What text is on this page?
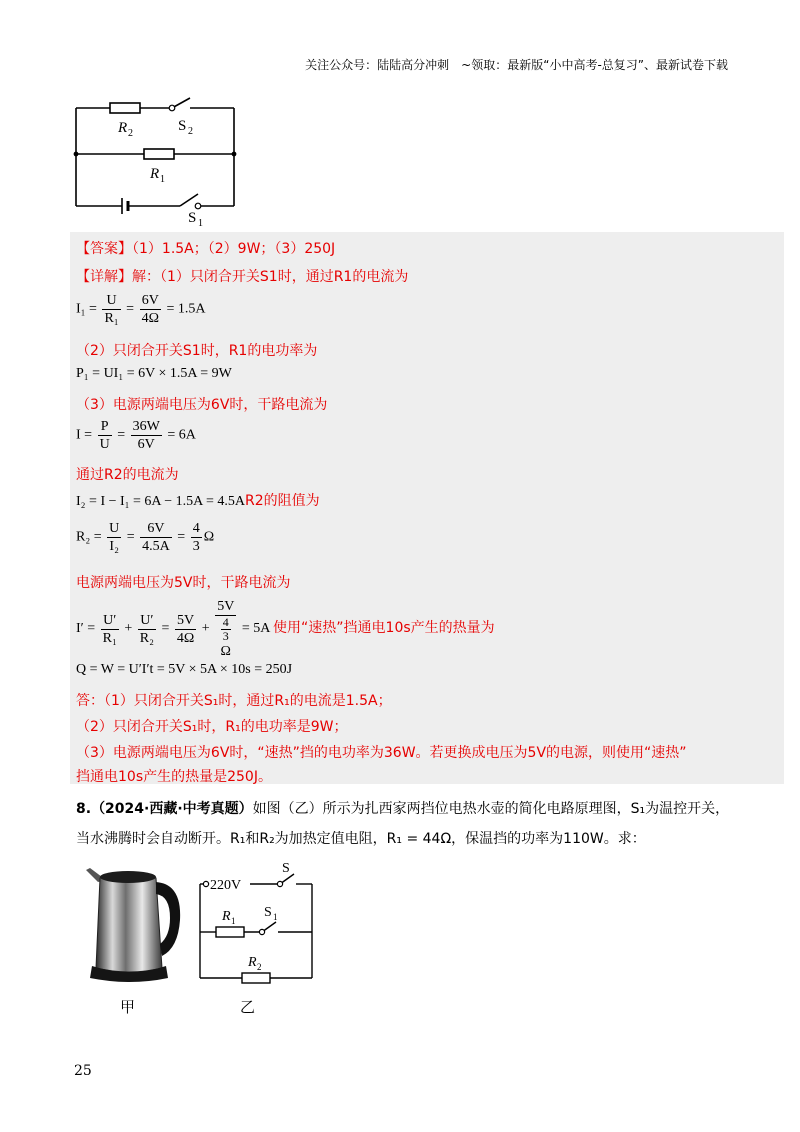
关注公众号：陆陆高分冲刺　~领取：最新版“小中高考-总复习”、最新试卷下载
R 2	S 2
R 1
S 1
【答案】（1）1.5A；（2）9W；（3）250J
【详解】解：（1）只闭合开关S1时，通过R1的电流为
$I_1 = \frac{U}{\text{R₁}} = \frac{6V}{4\Omega} = 1.5A$
（2）只闭合开关S1时，R1的电功率为
P₁ = UI₁ = 6V × 1.5A = 9W
（3）电源两端电压为6V时，干路电流为
$I = \frac{P}{U} = \frac{36W}{6V} = 6A$
通过R2的电流为
I₂ = I − I₁ = 6A − 1.5A = 4.5AR2的阻值为
$R_2 = \frac{U}{\text{I₂}} = \frac{6V}{4.5A} = \frac{4}{3}$ Ω
电源两端电压为5V时，干路电流为
$I' = \frac{U'}{\text{R₁}} + \frac{U'}{\text{R₂}} = \frac{5V}{4\Omega} + 5V$
$\frac{4}{3}$
Ω = 5A 使用“速热”挡通电10s产生的热量为
Q = W = U′I′t = 5V × 5A × 10s = 250J
答：（1）只闭合开关S₁时，通过R₁的电流是1.5A；
（2）只闭合开关S₁时，R₁的电功率是9W；
（3）电源两端电压为6V时，“速热”挡的电功率为36W。若更换成电压为5V的电源，则使用“速热”
挡通电10s产生的热量是250J。
8.（2024·西藏·中考真题）如图（乙）所示为扎西家两挡位电热水壶的简化电路原理图，S₁为温控开关，
当水沸腾时会自动断开。R₁和R₂为加热定值电阻，R₁ = 44Ω，保温挡的功率为110W。求：
220V
S
R 1
S 1
R 2
甲	乙
25
